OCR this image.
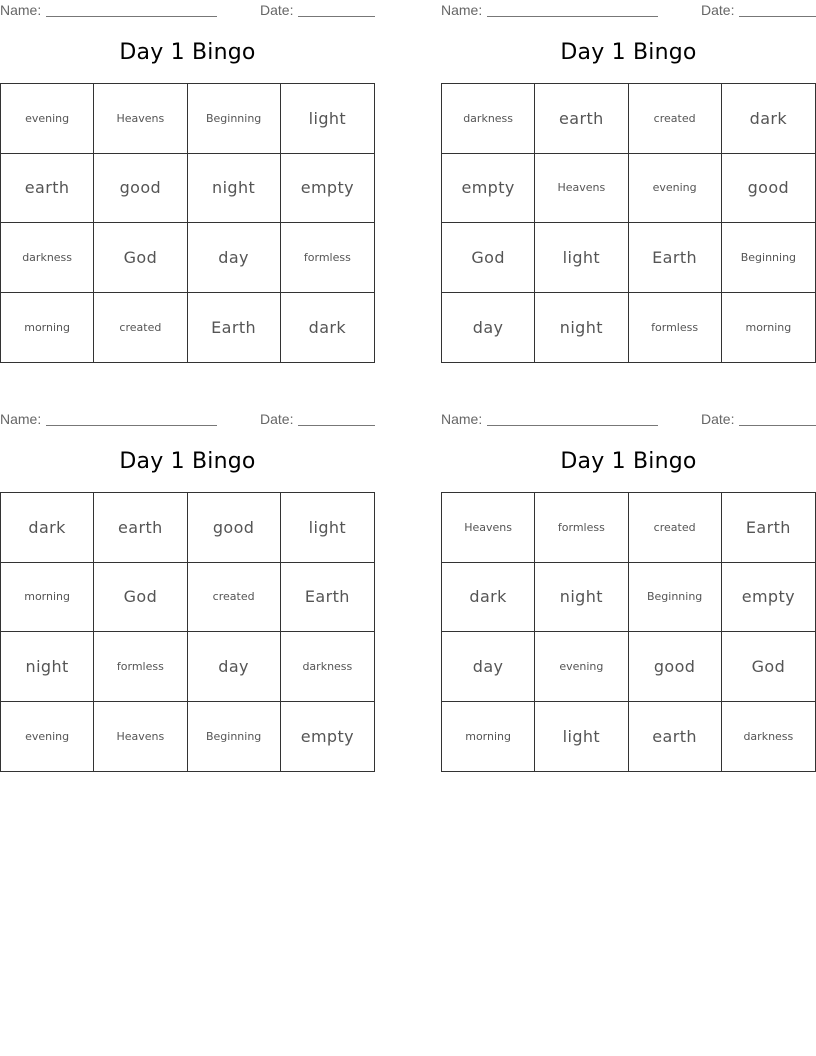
Name:	Date:
Day 1 Bingo
evening	Heavens	Beginning	light
earth	good	night	empty
darkness	God	day	formless
morning	created	Earth	dark
Name:	Date:
Day 1 Bingo
darkness	earth	created	dark
empty	Heavens	evening	good
God	light	Earth	Beginning
day	night	formless	morning
Name:	Date:
Day 1 Bingo
dark	earth	good	light
morning	God	created	Earth
night	formless	day	darkness
evening	Heavens	Beginning	empty
Name:	Date:
Day 1 Bingo
Heavens	formless	created	Earth
dark	night	Beginning	empty
day	evening	good	God
morning	light	earth	darkness
